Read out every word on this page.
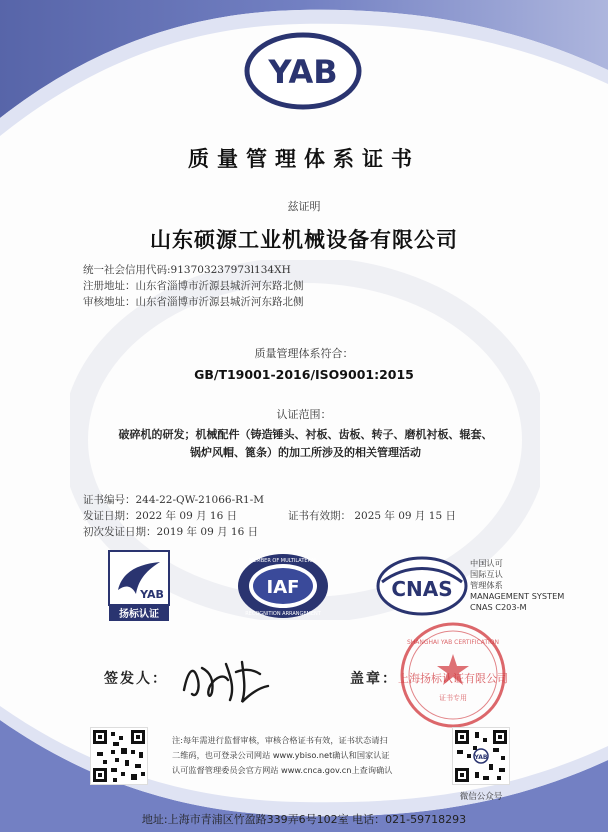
YAB
质量管理体系证书
兹证明
山东硕源工业机械设备有限公司
统一社会信用代码:913703237973l134XH
注册地址：山东省淄博市沂源县城沂河东路北侧
审核地址：山东省淄博市沂源县城沂河东路北侧
质量管理体系符合：
GB/T19001-2016/ISO9001:2015
认证范围：
破碎机的研发；机械配件（铸造锤头、衬板、齿板、转子、磨机衬板、辊套、
锅炉风帽、篦条）的加工所涉及的相关管理活动
证书编号：244-22-QW-21066-R1-M
发证日期：2022 年 09 月 16 日	证书有效期： 2025 年 09 月 15 日
初次发证日期：2019 年 09 月 16 日
YAB
扬标认证
IAF
MEMBER OF MULTILATERAL
RECOGNITION ARRANGEMENT
CNAS
中国认可
国际互认
管理体系
MANAGEMENT SYSTEM
CNAS C203-M
签发人：	盖章：
SHANGHAI YAB CERTIFICATION
上海扬标认证有限公司
证书专用
YAB
注:每年需进行监督审核，审核合格证书有效，证书状态请扫
二维码，也可登录公司网站 www.ybiso.net确认和国家认证
认可监督管理委员会官方网站 www.cnca.gov.cn上查询确认
微信公众号
地址:上海市青浦区竹盈路339弄6号102室 电话：021-59718293
